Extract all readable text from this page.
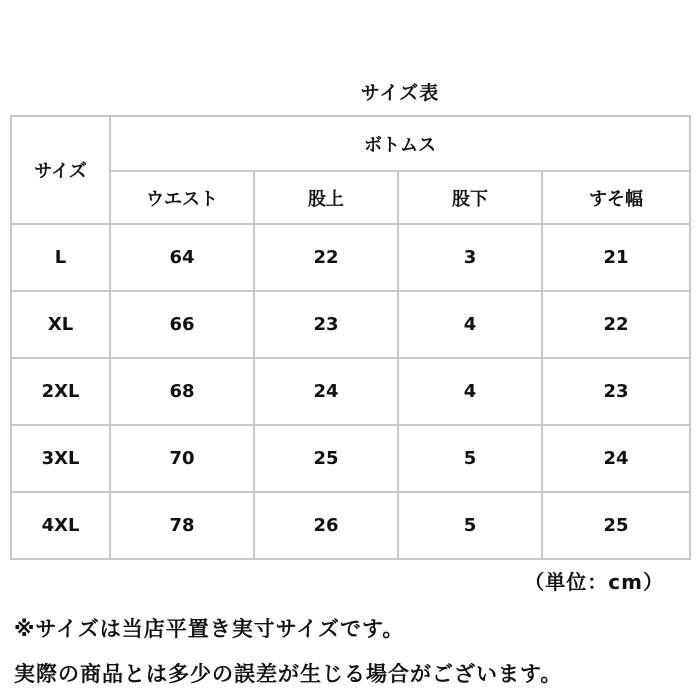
サイズ表
サイズ	ボトムス			
	ウエスト	股上	股下	すそ幅
L	64	22	3	21
XL	66	23	4	22
2XL	68	24	4	23
3XL	70	25	5	24
4XL	78	26	5	25
（単位：cm）
※サイズは当店平置き実寸サイズです。
実際の商品とは多少の誤差が生じる場合がございます。
